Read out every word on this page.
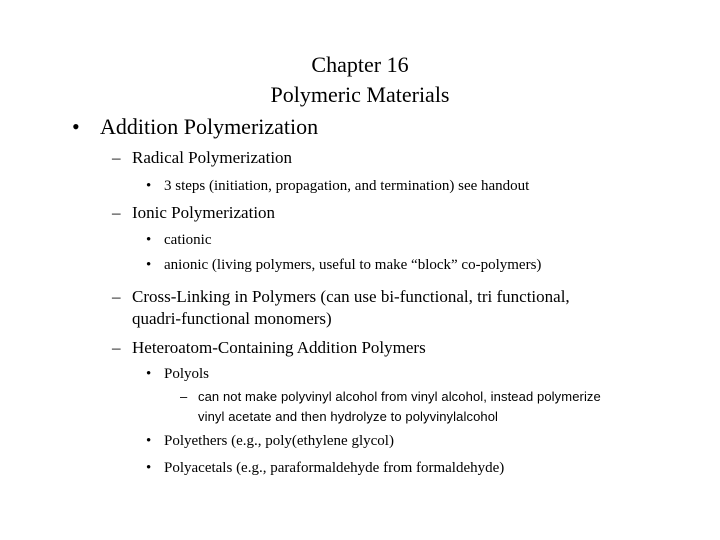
Chapter 16
Polymeric Materials
• Addition Polymerization
– Radical Polymerization
• 3 steps (initiation, propagation, and termination) see handout
– Ionic Polymerization
• cationic
• anionic (living polymers, useful to make “block” co-polymers)
– Cross-Linking in Polymers (can use bi-functional, tri functional,
quadri-functional monomers)
– Heteroatom-Containing Addition Polymers
• Polyols
– can not make polyvinyl alcohol from vinyl alcohol, instead polymerize
vinyl acetate and then hydrolyze to polyvinylalcohol
• Polyethers (e.g., poly(ethylene glycol)
• Polyacetals (e.g., paraformaldehyde from formaldehyde)
